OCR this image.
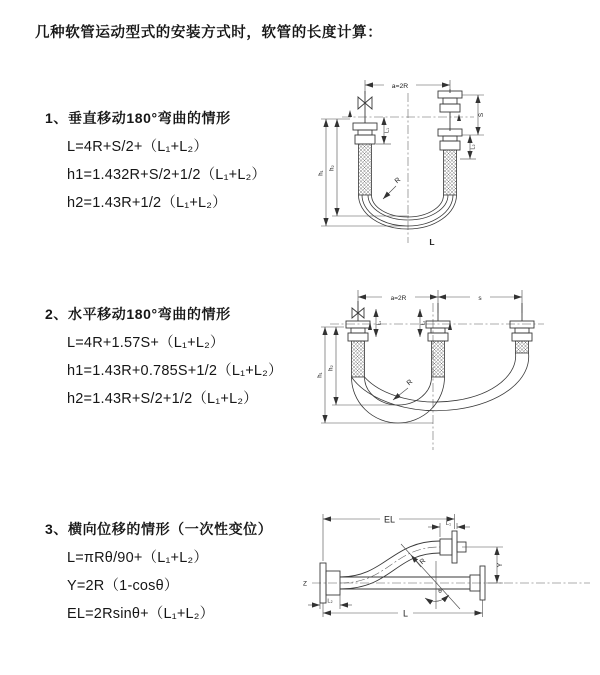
几种软管运动型式的安装方式时，软管的长度计算：
1、垂直移动180°弯曲的情形
L=4R+S/2+（L₁+L₂）
h1=1.432R+S/2+1/2（L₁+L₂）
h2=1.43R+1/2（L₁+L₂）
2、水平移动180°弯曲的情形
L=4R+1.57S+（L₁+L₂）
h1=1.43R+0.785S+1/2（L₁+L₂）
h2=1.43R+S/2+1/2（L₁+L₂）
3、横向位移的情形（一次性变位）
L=πRθ/90+（L₁+L₂）
Y=2R（1-cosθ）
EL=2Rsinθ+（L₁+L₂）
a=2R
S
L₂
L₁
h₁
h₂
R
L
a=2R	s
L₁	L₂
h₁
h₂
R
Z
EL	L₁
Y
L
L₂
R
θ
